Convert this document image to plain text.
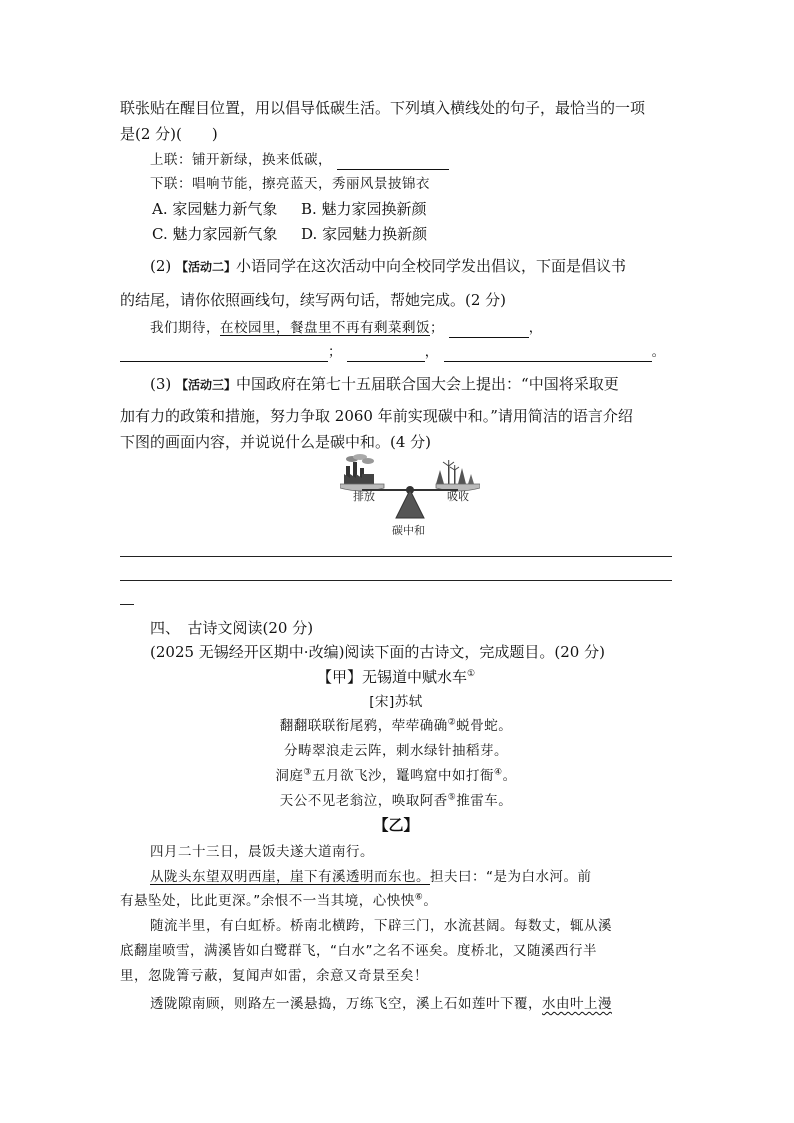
联张贴在醒目位置，用以倡导低碳生活。下列填入横线处的句子，最恰当的一项
是(2 分)(　　)
上联：铺开新绿，换来低碳，
下联：唱响节能，擦亮蓝天，秀丽风景披锦衣
A. 家园魅力新气象 B. 魅力家园换新颜
C. 魅力家园新气象 D. 家园魅力换新颜
(2) 【活动二】小语同学在这次活动中向全校同学发出倡议，下面是倡议书
的结尾，请你依照画线句，续写两句话，帮她完成。(2 分)
我们期待，在校园里，餐盘里不再有剩菜剩饭；	，
；	，	。
(3) 【活动三】中国政府在第七十五届联合国大会上提出：“中国将采取更
加有力的政策和措施，努力争取 2060 年前实现碳中和。”请用简洁的语言介绍
下图的画面内容，并说说什么是碳中和。(4 分)
排放	吸收
碳中和
四、　古诗文阅读(20 分)
(2025 无锡经开区期中·改编)阅读下面的古诗文，完成题目。(20 分)
【甲】无锡道中赋水车①
[宋]苏轼
翻翻联联衔尾鸦，荦荦确确②蜕骨蛇。
分畴翠浪走云阵，刺水绿针抽稻芽。
洞庭③五月欲飞沙，鼍鸣窟中如打衙④。
天公不见老翁泣，唤取阿香⑤推雷车。
【乙】
四月二十三日，晨饭夫遂大道南行。
从陇头东望双明西崖，崖下有溪透明而东也。担夫曰：“是为白水河。前
有悬坠处，比此更深。”余恨不一当其境，心怏怏⑥。
随流半里，有白虹桥。桥南北横跨，下辟三门，水流甚阔。每数丈，辄从溪
底翻崖喷雪，满溪皆如白鹭群飞，“白水”之名不诬矣。度桥北，又随溪西行半
里，忽陇箐亏蔽，复闻声如雷，余意又奇景至矣！
透陇隙南顾，则路左一溪悬捣，万练飞空，溪上石如莲叶下覆，水由叶上漫
